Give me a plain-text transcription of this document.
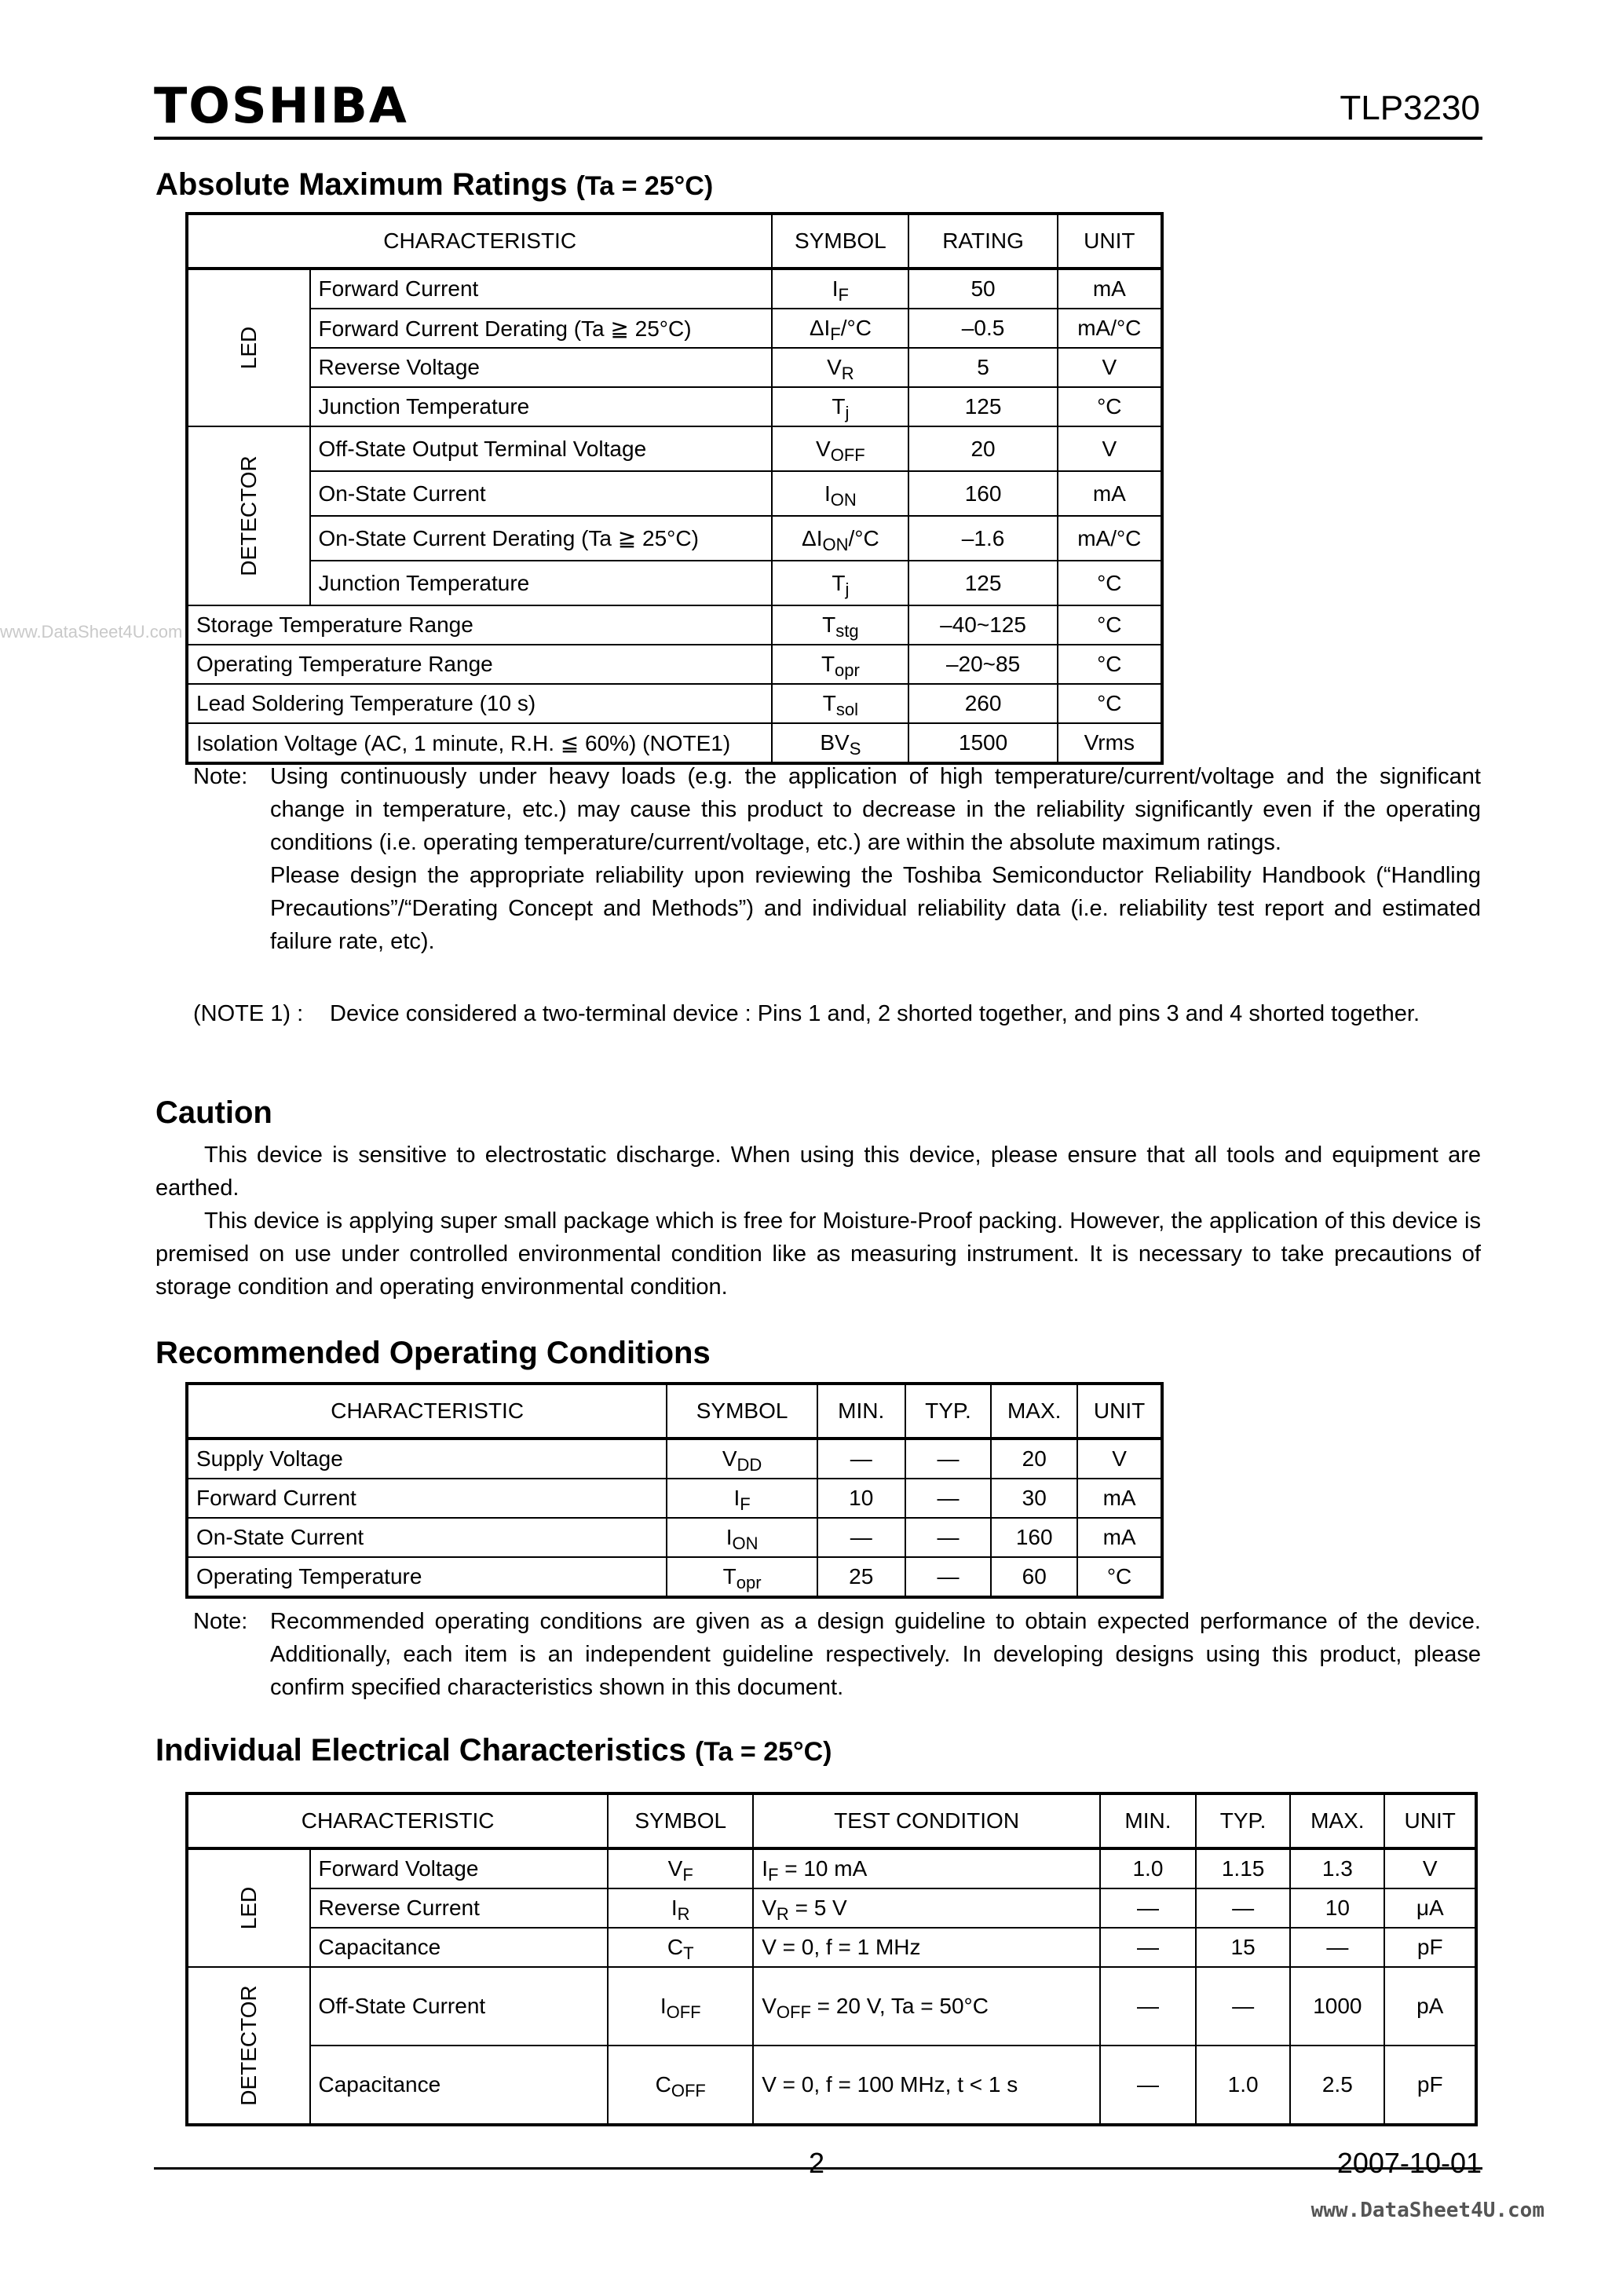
TOSHIBA	TLP3230
www.DataSheet4U.com
Absolute Maximum Ratings (Ta = 25°C)
CHARACTERISTIC		SYMBOL	RATING	UNIT
LED	Forward Current	$I_F$	50	mA
	Forward Current Derating (Ta ≧ 25°C)	$\Delta I_F/^\circ C$	–0.5	mA/°C
	Reverse Voltage	$V_R$	5	V
	Junction Temperature	$T_j$	125	°C
DETECTOR	Off-State Output Terminal Voltage	$V_{OFF}$	20	V
	On-State Current	$I_{ON}$	160	mA
	On-State Current Derating (Ta ≧ 25°C)	$\Delta I_{ON}/^\circ C$	–1.6	mA/°C
	Junction Temperature	$T_j$	125	°C
Storage Temperature Range		$T_{stg}$	–40~125	°C
Operating Temperature Range		$T_{opr}$	–20~85	°C
Lead Soldering Temperature (10 s)		$T_{sol}$	260	°C
Isolation Voltage (AC, 1 minute, R.H. ≦ 60%) (NOTE1)		$BV_S$	1500	Vrms
Note: Using continuously under heavy loads (e.g. the application of high temperature/current/voltage and the significant change in temperature, etc.) may cause this product to decrease in the reliability significantly even if the operating conditions (i.e. operating temperature/current/voltage, etc.) are within the absolute maximum ratings.
Please design the appropriate reliability upon reviewing the Toshiba Semiconductor Reliability Handbook (“Handling Precautions”/“Derating Concept and Methods”) and individual reliability data (i.e. reliability test report and estimated failure rate, etc).
(NOTE 1) : Device considered a two-terminal device : Pins 1 and, 2 shorted together, and pins 3 and 4 shorted together.
Caution
This device is sensitive to electrostatic discharge. When using this device, please ensure that all tools and equipment are earthed.
This device is applying super small package which is free for Moisture-Proof packing. However, the application of this device is premised on use under controlled environmental condition like as measuring instrument. It is necessary to take precautions of storage condition and operating environmental condition.
Recommended Operating Conditions
CHARACTERISTIC	SYMBOL	MIN.	TYP.	MAX.	UNIT
Supply Voltage	$V_{DD}$	—	—	20	V
Forward Current	$I_F$	10	—	30	mA
On-State Current	$I_{ON}$	—	—	160	mA
Operating Temperature	$T_{opr}$	25	—	60	°C
Note: Recommended operating conditions are given as a design guideline to obtain expected performance of the device. Additionally, each item is an independent guideline respectively. In developing designs using this product, please confirm specified characteristics shown in this document.
Individual Electrical Characteristics (Ta = 25°C)
CHARACTERISTIC		SYMBOL	TEST CONDITION	MIN.	TYP.	MAX.	UNIT
LED	Forward Voltage	$V_F$	$I_F = 10$ mA	1.0	1.15	1.3	V
	Reverse Current	$I_R$	$V_R = 5$ V	—	—	10	μA
	Capacitance	$C_T$	V = 0, f = 1 MHz	—	15	—	pF
DETECTOR	Off-State Current	$I_{OFF}$	$V_{OFF} = 20$ V, Ta = 50°C	—	—	1000	pA
	Capacitance	$C_{OFF}$	V = 0, f = 100 MHz, t < 1 s	—	1.0	2.5	pF
2	2007-10-01
www.DataSheet4U.com
